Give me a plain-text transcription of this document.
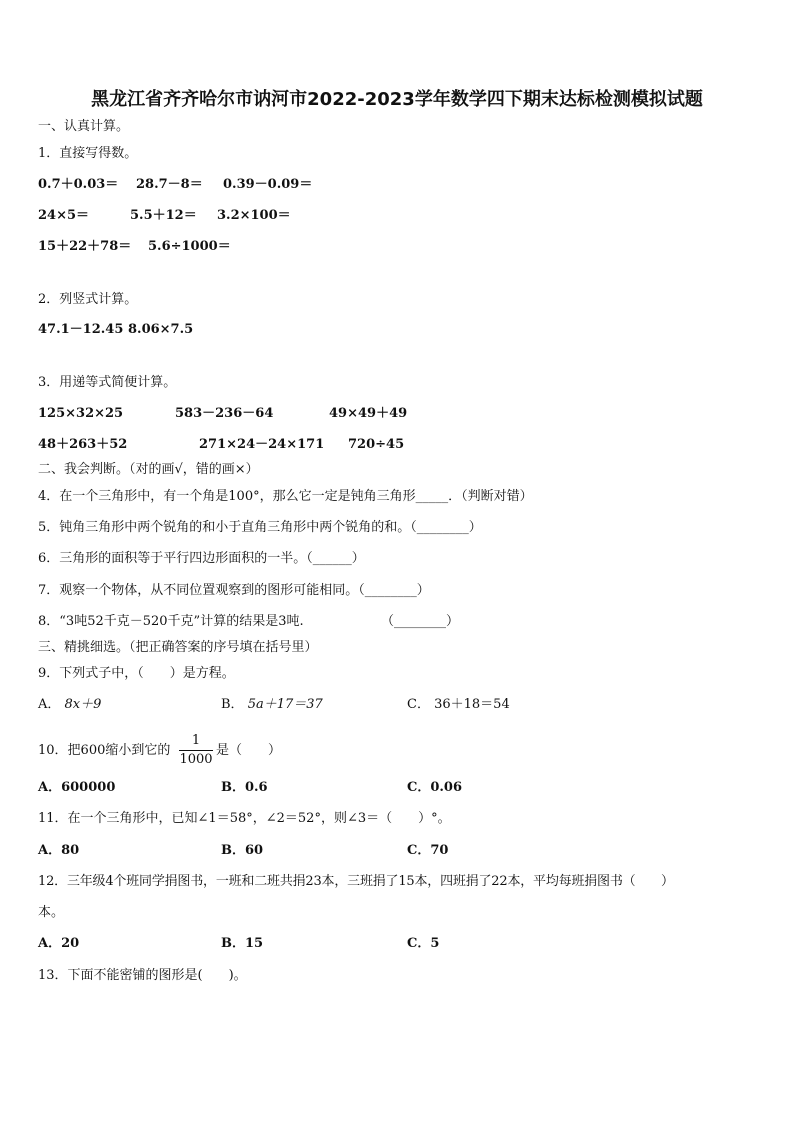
黑龙江省齐齐哈尔市讷河市2022-2023学年数学四下期末达标检测模拟试题
一、认真计算。
1．直接写得数。
0.7＋0.03＝ 28.7－8＝ 0.39－0.09＝
24×5＝	5.5＋12＝ 3.2×100＝
15＋22＋78＝ 5.6÷1000＝
2．列竖式计算。
47.1－12.45 8.06×7.5
3．用递等式简便计算。
125×32×25	583－236－64	49×49＋49
48＋263＋52	271×24－24×171 720÷45
二、我会判断。（对的画√，错的画×）
4．在一个三角形中，有一个角是100°，那么它一定是钝角三角形_____．（判断对错）
5．钝角三角形中两个锐角的和小于直角三角形中两个锐角的和。（________）
6．三角形的面积等于平行四边形面积的一半。（______）
7．观察一个物体，从不同位置观察到的图形可能相同。（________）
8．“3吨52千克－520千克”计算的结果是3吨.	（________）
三、精挑细选。（把正确答案的序号填在括号里）
9．下列式子中，（　　）是方程。
A． 8x＋9	B． 5a＋17＝37	C． 36＋18＝54
10．把600缩小到它的
1
1000
是（　　）
A．600000	B．0.6	C．0.06
11．在一个三角形中，已知∠1＝58°，∠2＝52°，则∠3＝（　　）°。
A．80	B．60	C．70
12．三年级4个班同学捐图书，一班和二班共捐23本，三班捐了15本，四班捐了22本，平均每班捐图书（　　）
本。
A．20	B．15	C．5
13．下面不能密铺的图形是(　　)。
